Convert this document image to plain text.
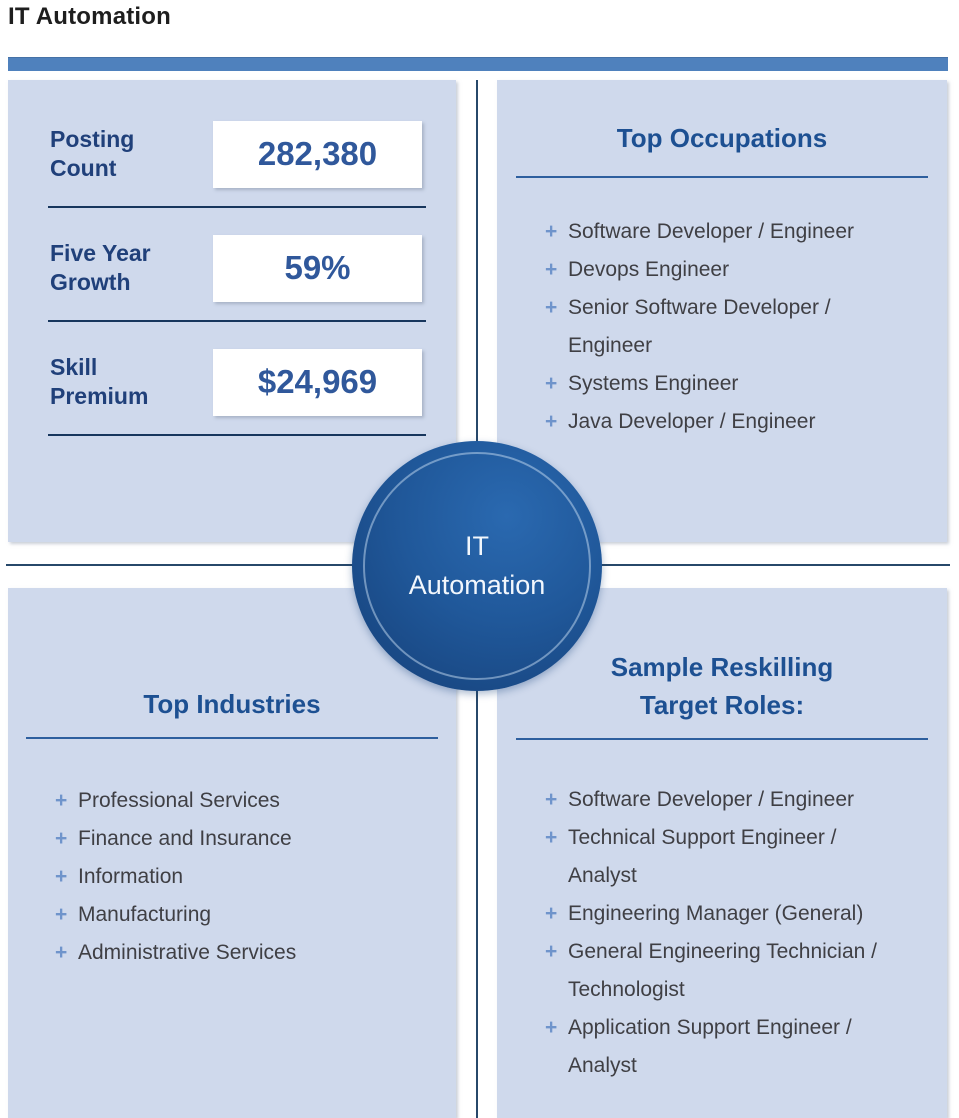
IT Automation
Posting Count	282,380
Five Year Growth	59%
Skill Premium	$24,969
Top Occupations
+ Software Developer / Engineer
+ Devops Engineer
+ Senior Software Developer / Engineer
+ Systems Engineer
+ Java Developer / Engineer
Top Industries
+ Professional Services
+ Finance and Insurance
+ Information
+ Manufacturing
+ Administrative Services
Sample Reskilling Target Roles:
+ Software Developer / Engineer
+ Technical Support Engineer / Analyst
+ Engineering Manager (General)
+ General Engineering Technician / Technologist
+ Application Support Engineer / Analyst
IT
Automation
